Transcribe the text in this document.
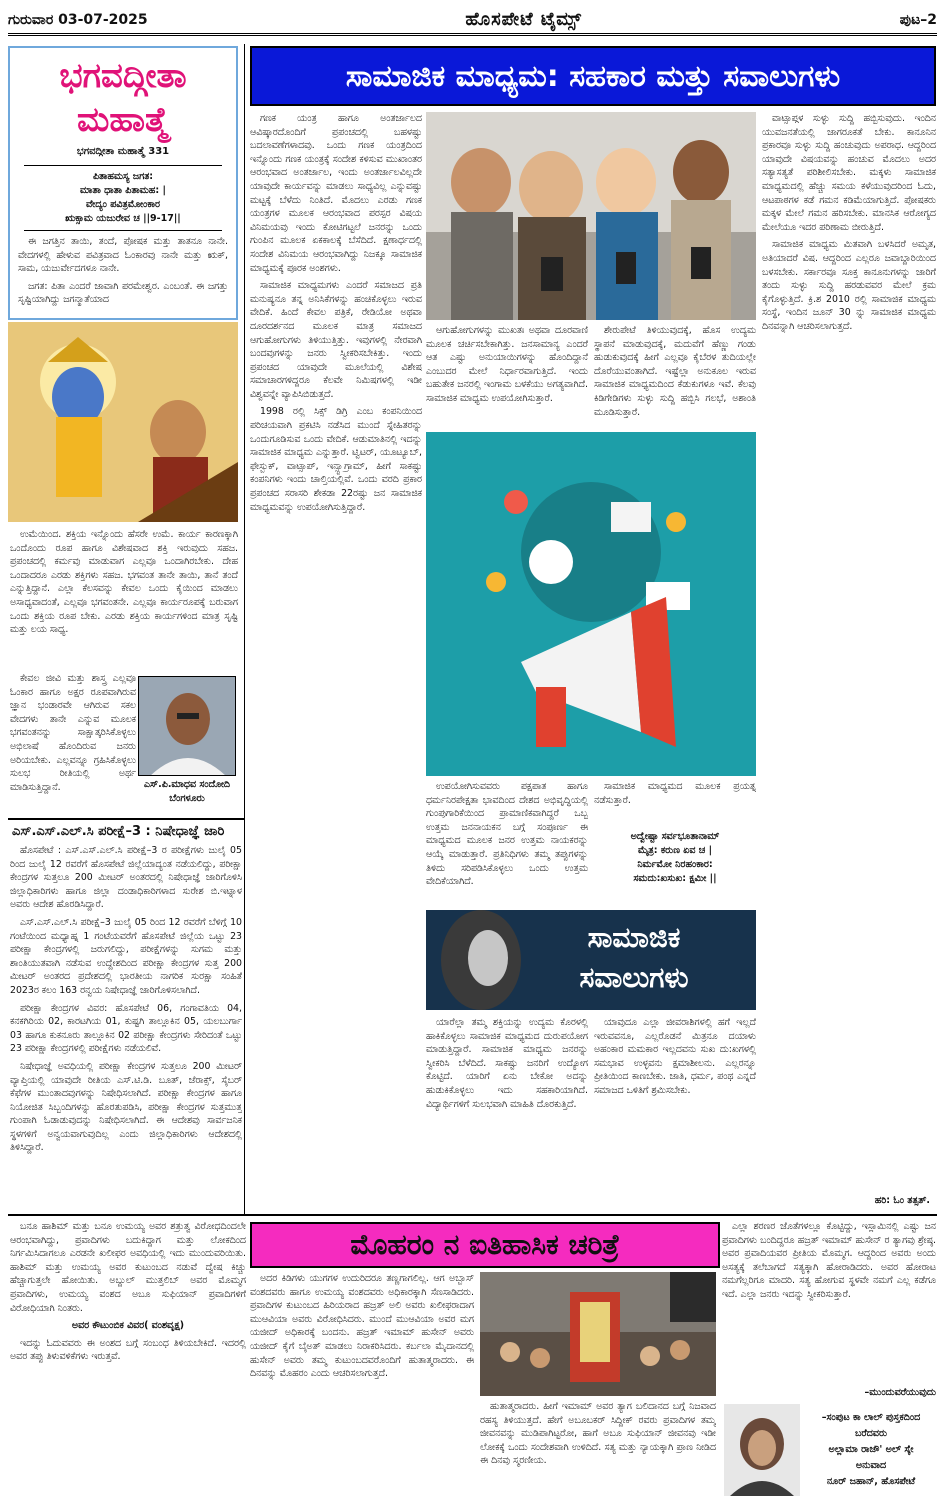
ಗುರುವಾರ 03-07-2025	ಹೊಸಪೇಟೆ ಟೈಮ್ಸ್	ಪುಟ–2
ಭಗವದ್ಗೀತಾ
ಮಹಾತ್ಮೆ
ಭಗವದ್ಗೀತಾ ಮಹಾತ್ಮೆ 331
ಪಿತಾಹಮಸ್ಯ ಜಗತ:
ಮಾತಾ ಧಾತಾ ಪಿತಾಮಹ: |
ವೇದ್ಯಂ ಪವಿತ್ರಮೋಂಕಾರ
ಋಕ್ಸಾಮ ಯಜುರೇವ ಚ ||9-17||

ಈ ಜಗತ್ತಿನ ತಾಯಿ, ತಂದೆ, ಪೋಷಕ ಮತ್ತು ತಾತನೂ ನಾನೇ. ವೇದಗಳಲ್ಲಿ ಹೇಳುವ ಪವಿತ್ರವಾದ ಓಂಕಾರವು ನಾನೇ ಮತ್ತು ಋಕ್, ಸಾಮ, ಯಜುರ್ವೇದಗಳೂ ನಾನೇ.

ಜಗತ: ಪಿತಾ ಎಂದರೆ ಜಾವಾಗಿ ಪರಮೇಶ್ವರ. ಎಂಬಂತೆ. ಈ ಜಗತ್ತು ಸೃಷ್ಟಿಯಾಗಿದ್ದು ಜಗನ್ಮಾತೆಯಾದ

ಉಮೆಯಿಂದ. ಶಕ್ತಿಯ ಇನ್ನೊಂದು ಹೆಸರೇ ಉಮೆ. ಕಾರ್ಯ ಕಾರಣಕ್ಕಾಗಿ ಒಂದೊಂದು ರೂಪ ಹಾಗೂ ವಿಶೇಷವಾದ ಶಕ್ತಿ ಇರುವುದು ಸಹಜ. ಪ್ರಪಂಚದಲ್ಲಿ ಕರ್ಮವು ಮಾಡುವಾಗ ಎಲ್ಲವೂ ಒಂದಾಗಿರಬೇಕು. ದೇಹ ಒಂದಾದರೂ ಎರಡು ಶಕ್ತಿಗಳು ಸಹಜ. ಭಗವಂತ ತಾನೇ ತಾಯಿ, ತಾನೆ ತಂದೆ ಎನ್ನುತ್ತಿದ್ದಾನೆ. ಎಲ್ಲಾ ಕೆಲಸವನ್ನು ಕೇವಲ ಒಂದು ಕೈಯಿಂದ ಮಾಡಲು ಅಸಾಧ್ಯವಾದಂತೆ, ಎಲ್ಲವೂ ಭಗವಂತನೇ. ಎಲ್ಲವೂ ಕಾರ್ಯರೂಪಕ್ಕೆ ಬರುವಾಗ ಒಂದು ಶಕ್ತಿಯ ರೂಪ ಬೇಕು. ಎರಡು ಶಕ್ತಿಯ ಕಾರ್ಯಗಳಿಂದ ಮಾತ್ರ ಸೃಷ್ಟಿ ಮತ್ತು ಲಯ ಸಾಧ್ಯ.

ಕೇವಲ ಜೀವಿ ಮತ್ತು ಶಾಸ್ತ್ರ ಎಲ್ಲವೂ ಓಂಕಾರ ಹಾಗೂ ಅಕ್ಷರ ರೂಪವಾಗಿರುವ ಜ್ಞಾನ ಭಂಡಾರವೇ ಆಗಿರುವ ಸಕಲ ವೇದಗಳು ತಾನೇ ಎನ್ನುವ ಮೂಲಕ ಭಗವಂತನನ್ನು ಸಾಕ್ಷಾತ್ಕರಿಸಿಕೊಳ್ಳಲು ಅಭಿಲಾಷೆ ಹೊಂದಿರುವ ಜನರು ಅರಿಯಬೇಕು. ಎಲ್ಲವನ್ನೂ ಗ್ರಹಿಸಿಕೊಳ್ಳಲು ಸುಲಭ ರೀತಿಯಲ್ಲಿ ಅರ್ಥ ಮಾಡಿಸುತ್ತಿದ್ದಾನೆ.	ಎಸ್.ಪಿ.ಮಾಧವ ಸಂದೋದಿ
ಬೆಂಗಳೂರು
ಎಸ್.ಎಸ್.ಎಲ್.ಸಿ ಪರೀಕ್ಷೆ–3 : ನಿಷೇಧಾಜ್ಞೆ ಜಾರಿ

ಹೊಸಪೇಟೆ : ಎಸ್.ಎಸ್.ಎಲ್.ಸಿ ಪರೀಕ್ಷೆ–3 ರ ಪರೀಕ್ಷೆಗಳು ಜುಲೈ 05 ರಿಂದ ಜುಲೈ 12 ರವರೆಗೆ ಹೊಸಪೇಟೆ ಜಿಲ್ಲೆಯಾದ್ಯಂತ ನಡೆಯಲಿದ್ದು, ಪರೀಕ್ಷಾ ಕೇಂದ್ರಗಳ ಸುತ್ತಲೂ 200 ಮೀಟರ್ ಅಂತರದಲ್ಲಿ ನಿಷೇಧಾಜ್ಞೆ ಜಾರಿಗೊಳಿಸಿ ಜಿಲ್ಲಾಧಿಕಾರಿಗಳು ಹಾಗೂ ಜಿಲ್ಲಾ ದಂಡಾಧಿಕಾರಿಗಳಾದ ಸುರೇಶ ಬಿ.ಇಟ್ನಾಳ ಅವರು ಆದೇಶ ಹೊರಡಿಸಿದ್ದಾರೆ.

ಎಸ್.ಎಸ್.ಎಲ್.ಸಿ ಪರೀಕ್ಷೆ–3 ಜುಲೈ 05 ರಿಂದ 12 ರವರೆಗೆ ಬೆಳಿಗ್ಗೆ 10 ಗಂಟೆಯಿಂದ ಮಧ್ಯಾಹ್ನ 1 ಗಂಟೆಯವರೆಗೆ ಹೊಸಪೇಟೆ ಜಿಲ್ಲೆಯ ಒಟ್ಟು 23 ಪರೀಕ್ಷಾ ಕೇಂದ್ರಗಳಲ್ಲಿ ಜರುಗಲಿದ್ದು, ಪರೀಕ್ಷೆಗಳನ್ನು ಸುಗಮ ಮತ್ತು ಶಾಂತಿಯುತವಾಗಿ ನಡೆಸುವ ಉದ್ದೇಶದಿಂದ ಪರೀಕ್ಷಾ ಕೇಂದ್ರಗಳ ಸುತ್ತ 200 ಮೀಟರ್ ಅಂತರದ ಪ್ರದೇಶದಲ್ಲಿ ಭಾರತೀಯ ನಾಗರಿಕ ಸುರಕ್ಷಾ ಸಂಹಿತೆ 2023ರ ಕಲಂ 163 ರನ್ವಯ ನಿಷೇಧಾಜ್ಞೆ ಜಾರಿಗೊಳಿಸಲಾಗಿದೆ.

ಪರೀಕ್ಷಾ ಕೇಂದ್ರಗಳ ವಿವರ: ಹೊಸಪೇಟೆ 06, ಗಂಗಾವತಿಯ 04, ಕನಕಗಿರಿಯ 02, ಕಾರಟಗಿಯ 01, ಕುಷ್ಟಗಿ ತಾಲ್ಲೂಕಿನ 05, ಯಲಬುರ್ಗಾ 03 ಹಾಗೂ ಕುಕನೂರು ತಾಲ್ಲೂಕಿನ 02 ಪರೀಕ್ಷಾ ಕೇಂದ್ರಗಳು ಸೇರಿದಂತೆ ಒಟ್ಟು 23 ಪರೀಕ್ಷಾ ಕೇಂದ್ರಗಳಲ್ಲಿ ಪರೀಕ್ಷೆಗಳು ನಡೆಯಲಿವೆ.

ನಿಷೇಧಾಜ್ಞೆ ಅವಧಿಯಲ್ಲಿ ಪರೀಕ್ಷಾ ಕೇಂದ್ರಗಳ ಸುತ್ತಲೂ 200 ಮೀಟರ್ ವ್ಯಾಪ್ತಿಯಲ್ಲಿ ಯಾವುದೇ ರೀತಿಯ ಎಸ್.ಟಿ.ಡಿ. ಬೂತ್, ಜೆರಾಕ್ಸ್, ಸೈಬರ್ ಕೆಫೆಗಳ ಮುಂತಾದವುಗಳನ್ನು ನಿಷೇಧಿಸಲಾಗಿದೆ. ಪರೀಕ್ಷಾ ಕೇಂದ್ರಗಳ ಹಾಗೂ ನಿಯೋಜಿತ ಸಿಬ್ಬಂದಿಗಳನ್ನು ಹೊರತುಪಡಿಸಿ, ಪರೀಕ್ಷಾ ಕೇಂದ್ರಗಳ ಸುತ್ತಮುತ್ತ ಗುಂಪಾಗಿ ಓಡಾಡುವುದನ್ನು ನಿಷೇಧಿಸಲಾಗಿದೆ. ಈ ಆದೇಶವು ಸಾರ್ವಜನಿಕ ಸ್ಥಳಗಳಿಗೆ ಅನ್ವಯವಾಗುವುದಿಲ್ಲ ಎಂದು ಜಿಲ್ಲಾಧಿಕಾರಿಗಳು ಆದೇಶದಲ್ಲಿ ತಿಳಿಸಿದ್ದಾರೆ.

ಸಾಮಾಜಿಕ ಮಾಧ್ಯಮ: ಸಹಕಾರ ಮತ್ತು ಸವಾಲುಗಳು

ಗಣಕ ಯಂತ್ರ ಹಾಗೂ ಅಂತರ್ಜಾಲದ ಆವಿಷ್ಕಾರದೊಂದಿಗೆ ಪ್ರಪಂಚದಲ್ಲಿ ಬಹಳಷ್ಟು ಬದಲಾವಣೆಗಳಾದವು. ಒಂದು ಗಣಕ ಯಂತ್ರದಿಂದ ಇನ್ನೊಂದು ಗಣಕ ಯಂತ್ರಕ್ಕೆ ಸಂದೇಶ ಕಳಿಸುವ ಮುಖಾಂತರ ಆರಂಭವಾದ ಅಂತರ್ಜಾಲ, ಇಂದು ಅಂತರ್ಜಾಲವಿಲ್ಲದೇ ಯಾವುದೇ ಕಾರ್ಯವನ್ನು ಮಾಡಲು ಸಾಧ್ಯವಿಲ್ಲ ಎನ್ನುವಷ್ಟು ಮಟ್ಟಕ್ಕೆ ಬೆಳೆದು ನಿಂತಿದೆ. ಮೊದಲು ಎರಡು ಗಣಕ ಯಂತ್ರಗಳ ಮೂಲಕ ಆರಂಭವಾದ ಪರಸ್ಪರ ವಿಷಯ ವಿನಿಮಯವು ಇಂದು ಕೋಟಿಗಟ್ಟಲೆ ಜನರನ್ನು ಒಂದು ಗುಂಪಿನ ಮೂಲಕ ಏಕಕಾಲಕ್ಕೆ ಬೆಸೆದಿದೆ. ಕ್ಷಣಾರ್ಧದಲ್ಲಿ ಸಂದೇಶ ವಿನಿಮಯ ಆರಂಭವಾಗಿದ್ದು ನಿಜಕ್ಕೂ ಸಾಮಾಜಿಕ ಮಾಧ್ಯಮಕ್ಕೆ ಪೂರಕ ಅಂಶಗಳು.

ಸಾಮಾಜಿಕ ಮಾಧ್ಯಮಗಳು ಎಂದರೆ ಸಮಾಜದ ಪ್ರತಿ ಮನುಷ್ಯನೂ ತನ್ನ ಅನಿಸಿಕೆಗಳನ್ನು ಹಂಚಿಕೊಳ್ಳಲು ಇರುವ ವೇದಿಕೆ. ಹಿಂದೆ ಕೇವಲ ಪತ್ರಿಕೆ, ರೇಡಿಯೋ ಅಥವಾ ದೂರದರ್ಶನದ ಮೂಲಕ ಮಾತ್ರ ಸಮಾಜದ ಆಗುಹೋಗುಗಳು ತಿಳಿಯುತ್ತಿತ್ತು. ಇವುಗಳಲ್ಲಿ ನೇರವಾಗಿ ಬಂದವುಗಳನ್ನು ಜನರು ಸ್ವೀಕರಿಸಬೇಕಿತ್ತು. ಇಂದು ಪ್ರಪಂಚದ ಯಾವುದೇ ಮೂಲೆಯಲ್ಲಿ ವಿಶೇಷ ಸಮಾಚಾರಗಳಿದ್ದರೂ ಕೆಲವೇ ನಿಮಿಷಗಳಲ್ಲಿ ಇಡೀ ವಿಶ್ವವನ್ನೇ ವ್ಯಾಪಿಸಿಬಿಡುತ್ತದೆ.

1998 ರಲ್ಲಿ ಸಿಕ್ಸ್ ಡಿಗ್ರಿ ಎಂಬ ಕಂಪನಿಯಿಂದ ಪರಿಚಯವಾಗಿ ಪ್ರಕಟಿಸಿ ನಡೆಸಿದ ಮುಂದೆ ಸ್ನೇಹಿತರನ್ನು ಒಂದುಗೂಡಿಸುವ ಒಂದು ವೇದಿಕೆ. ಆಡುಮಾತಿನಲ್ಲಿ ಇದನ್ನು ಸಾಮಾಜಿಕ ಮಾಧ್ಯಮ ಎನ್ನುತ್ತಾರೆ. ಟ್ವಿಟರ್, ಯೂಟ್ಯೂಬ್, ಫೇಸ್ಬುಕ್, ವಾಟ್ಸಾಪ್, ಇನ್ಸ್ಟಾಗ್ರಾಮ್, ಹೀಗೆ ಸಾಕಷ್ಟು ಕಂಪನಿಗಳು ಇಂದು ಚಾಲ್ತಿಯಲ್ಲಿವೆ. ಒಂದು ವರದಿ ಪ್ರಕಾರ ಪ್ರಪಂಚದ ಸರಾಸರಿ ಶೇಕಡಾ 22ರಷ್ಟು ಜನ ಸಾಮಾಜಿಕ ಮಾಧ್ಯಮವನ್ನು ಉಪಯೋಗಿಸುತ್ತಿದ್ದಾರೆ.

ಆಗುಹೋಗುಗಳನ್ನು ಮುಖತಃ ಅಥವಾ ದೂರವಾಣಿ ಮೂಲಕ ಚರ್ಚಿಸಬೇಕಾಗಿತ್ತು. ಜನಸಾಮಾನ್ಯ ಎಂದರೆ ಆತ ಎಷ್ಟು ಅನುಯಾಯಿಗಳನ್ನು ಹೊಂದಿದ್ದಾನೆ ಎಂಬುದರ ಮೇಲೆ ನಿರ್ಧಾರವಾಗುತ್ತಿದೆ. ಇಂದು ಬಹುತೇಕ ಜನರಲ್ಲಿ ಇಂಗಾಮ ಬಳಕೆಯು ಅಗತ್ಯವಾಗಿದೆ. ಸಾಮಾಜಿಕ ಮಾಧ್ಯಮ ಉಪಯೋಗಿಸುತ್ತಾರೆ.

ಶೇರುಪೇಟೆ ತಿಳಿಯುವುದಕ್ಕೆ, ಹೊಸ ಉದ್ಯಮ ಸ್ಥಾಪನೆ ಮಾಡುವುದಕ್ಕೆ, ಮದುವೆಗೆ ಹೆಣ್ಣು ಗಂಡು ಹುಡುಕುವುದಕ್ಕೆ ಹೀಗೆ ಎಲ್ಲವೂ ಕೈಬೆರಳ ತುದಿಯಲ್ಲೇ ದೊರೆಯುವಂತಾಗಿದೆ. ಇಷ್ಟೆಲ್ಲಾ ಅನುಕೂಲ ಇರುವ ಸಾಮಾಜಿಕ ಮಾಧ್ಯಮದಿಂದ ಕೆಡುಕುಗಳೂ ಇವೆ. ಕೆಲವು ಕಿಡಿಗೇಡಿಗಳು ಸುಳ್ಳು ಸುದ್ದಿ ಹಬ್ಬಿಸಿ ಗಲಭೆ, ಅಶಾಂತಿ ಮೂಡಿಸುತ್ತಾರೆ.

ಉಪಯೋಗಿಸುವವರು ಪಕ್ಷಪಾತ ಹಾಗೂ ಧರ್ಮನಿರಪೇಕ್ಷತಾ ಭಾವದಿಂದ ದೇಶದ ಅಭಿವೃದ್ಧಿಯಲ್ಲಿ ಗುಂಪುಗಾರಿಕೆಯಿಂದ ಪ್ರಾಮಾಣಿಕವಾಗಿದ್ದರೆ ಒಬ್ಬ ಉತ್ತಮ ಜನನಾಯಕನ ಬಗ್ಗೆ ಸಂಪೂರ್ಣ ಈ ಮಾಧ್ಯಮದ ಮೂಲಕ ಜನರ ಉತ್ತಮ ನಾಯಕರನ್ನು ಆಯ್ಕೆ ಮಾಡುತ್ತಾರೆ. ಪ್ರತಿನಿಧಿಗಳು ತಮ್ಮ ತಪ್ಪುಗಳನ್ನು ತಿಳಿದು ಸರಿಪಡಿಸಿಕೊಳ್ಳಲು ಒಂದು ಉತ್ತಮ ವೇದಿಕೆಯಾಗಿದೆ.

ಸಾಮಾಜಿಕ ಮಾಧ್ಯಮದ ಮೂಲಕ ಪ್ರಯತ್ನ ನಡೆಸುತ್ತಾರೆ.

ಅದ್ವೇಷ್ಟಾ ಸರ್ವಭೂತಾನಾಮ್
ಮೈತ್ರ: ಕರುಣ ಏವ ಚ |
ನಿರ್ಮಮೋ ನಿರಹಂಕಾರ:
ಸಮದು:ಖಸುಖ: ಕ್ಷಮೀ ||
ಸಾಮಾಜಿಕ
ಸವಾಲುಗಳು

ಯಾರೆಲ್ಲಾ ತಮ್ಮ ಶಕ್ತಿಯನ್ನು ಉದ್ಯಮ ಕೊರಳಲ್ಲಿ ಹಾಕಿಕೊಳ್ಳಲು ಸಾಮಾಜಿಕ ಮಾಧ್ಯಮದ ದುರುಪಯೋಗ ಮಾಡುತ್ತಿದ್ದಾರೆ. ಸಾಮಾಜಿಕ ಮಾಧ್ಯಮ ಜನರನ್ನು ಸ್ವೀಕರಿಸಿ ಬೆಳೆದಿದೆ. ಸಾಕಷ್ಟು ಜನರಿಗೆ ಉದ್ಯೋಗ ಕೊಟ್ಟಿದೆ. ಯಾರಿಗೆ ಏನು ಬೇಕೋ ಅದನ್ನು ಹುಡುಕಿಕೊಳ್ಳಲು ಇದು ಸಹಕಾರಿಯಾಗಿದೆ. ವಿದ್ಯಾರ್ಥಿಗಳಿಗೆ ಸುಲಭವಾಗಿ ಮಾಹಿತಿ ದೊರಕುತ್ತಿದೆ.

ಯಾವುದೂ ಎಲ್ಲಾ ಜೀವರಾಶಿಗಳಲ್ಲಿ ಹಗೆ ಇಲ್ಲದೆ ಇರುವವನೂ, ಎಲ್ಲರೊಡನೆ ಮಿತ್ರನೂ ದಯಾಳು ಅಹಂಕಾರ ಮಮಕಾರ ಇಲ್ಲದವನು ಸುಖ ದು:ಖಗಳಲ್ಲಿ ಸಮಭಾವ ಉಳ್ಳವನು ಕ್ಷಮಾಶೀಲನು. ಎಲ್ಲರನ್ನೂ ಪ್ರೀತಿಯಿಂದ ಕಾಣಬೇಕು. ಜಾತಿ, ಧರ್ಮ, ಪಂಥ ಎನ್ನದೆ ಸಮಾಜದ ಒಳಿತಿಗೆ ಶ್ರಮಿಸಬೇಕು.

ಹರಿ: ಓಂ ತತ್ಸತ್.

ವಾಟ್ಸಾಪ್ಗಳ ಸುಳ್ಳು ಸುದ್ದಿ ಹಬ್ಬಿಸುವುದು. ಇಂದಿನ ಯುವಜನತೆಯಲ್ಲಿ ಜಾಗರೂಕತೆ ಬೇಕು. ಕಾನೂನಿನ ಪ್ರಕಾರವೂ ಸುಳ್ಳು ಸುದ್ದಿ ಹಂಚುವುದು ಅಪರಾಧ. ಆದ್ದರಿಂದ ಯಾವುದೇ ವಿಷಯವನ್ನು ಹಂಚುವ ಮೊದಲು ಅದರ ಸತ್ಯಾಸತ್ಯತೆ ಪರಿಶೀಲಿಸಬೇಕು. ಮಕ್ಕಳು ಸಾಮಾಜಿಕ ಮಾಧ್ಯಮದಲ್ಲಿ ಹೆಚ್ಚು ಸಮಯ ಕಳೆಯುವುದರಿಂದ ಓದು, ಆಟಪಾಠಗಳ ಕಡೆ ಗಮನ ಕಡಿಮೆಯಾಗುತ್ತಿದೆ. ಪೋಷಕರು ಮಕ್ಕಳ ಮೇಲೆ ಗಮನ ಹರಿಸಬೇಕು. ಮಾನಸಿಕ ಆರೋಗ್ಯದ ಮೇಲೆಯೂ ಇದರ ಪರಿಣಾಮ ಬೀರುತ್ತಿದೆ.

ಸಾಮಾಜಿಕ ಮಾಧ್ಯಮ ಮಿತವಾಗಿ ಬಳಸಿದರೆ ಅಮೃತ, ಅತಿಯಾದರೆ ವಿಷ. ಆದ್ದರಿಂದ ಎಲ್ಲರೂ ಜವಾಬ್ದಾರಿಯಿಂದ ಬಳಸಬೇಕು. ಸರ್ಕಾರವೂ ಸೂಕ್ತ ಕಾನೂನುಗಳನ್ನು ಜಾರಿಗೆ ತಂದು ಸುಳ್ಳು ಸುದ್ದಿ ಹರಡುವವರ ಮೇಲೆ ಕ್ರಮ ಕೈಗೊಳ್ಳುತ್ತಿದೆ. ಕ್ರಿ.ಶ 2010 ರಲ್ಲಿ ಸಾಮಾಜಿಕ ಮಾಧ್ಯಮ ಸಂಸ್ಥೆ, ಇಂದಿನ ಜೂನ್ 30 ನ್ನು ಸಾಮಾಜಿಕ ಮಾಧ್ಯಮ ದಿನವನ್ನಾಗಿ ಆಚರಿಸಲಾಗುತ್ತದೆ.

ಬನೂ ಹಾಶಿಮ್ ಮತ್ತು ಬನೂ ಉಮಯ್ಯ ಅವರ ಶತ್ರುತ್ವ ವಿರೋಧದಿಂದಲೇ ಆರಂಭವಾಗಿದ್ದು, ಪ್ರವಾದಿಗಳು ಬದುಕಿದ್ದಾಗ ಮತ್ತು ಲೋಕದಿಂದ ನಿರ್ಗಮಿಸಿದಾಗಲೂ ಎರಡನೇ ಖಲೀಫರ ಅವಧಿಯಲ್ಲಿ ಇದು ಮುಂದುವರಿಯಿತು. ಹಾಶಿಮ್ ಮತ್ತು ಉಮಯ್ಯ ಅವರ ಕುಟುಂಬದ ನಡುವೆ ದ್ವೇಷ ಕಿಚ್ಚು ಹೆಚ್ಚಾಗುತ್ತಲೇ ಹೋಯಿತು. ಅಬ್ದುಲ್ ಮುತ್ತಲಿಬ್ ಅವರ ಮೊಮ್ಮಗ ಪ್ರವಾದಿಗಳು, ಉಮಯ್ಯ ವಂಶದ ಅಬೂ ಸುಫಿಯಾನ್ ಪ್ರವಾದಿಗಳಿಗೆ ವಿರೋಧಿಯಾಗಿ ನಿಂತರು.

ಅವರ ಕೌಟುಂಬಿಕ ವಿವರ( ವಂಶವೃಕ್ಷ)

ಇದನ್ನು ಓದುವವರು ಈ ಅಂಶದ ಬಗ್ಗೆ ಸಂಬಂಧ ತಿಳಿಯಬೇಕಿದೆ. ಇದರಲ್ಲಿ ಅವರ ತಪ್ಪು ತಿಳುವಳಿಕೆಗಳು ಇರುತ್ತವೆ.

ಮೊಹರಂ ನ ಐತಿಹಾಸಿಕ ಚರಿತ್ರೆ

ಅದರ ಕಿಡಿಗಳು ಯುಗಗಳ ಉದುರಿದರೂ ತಣ್ಣಗಾಗಲಿಲ್ಲ. ಆಗ ಅಬ್ಬಾಸ್ ವಂಶದವರು ಹಾಗೂ ಉಮಯ್ಯ ವಂಶದವರು ಅಧಿಕಾರಕ್ಕಾಗಿ ಸೆಣಸಾಡಿದರು. ಪ್ರವಾದಿಗಳ ಕುಟುಂಬದ ಹಿರಿಯರಾದ ಹಜ್ರತ್ ಅಲಿ ಅವರು ಖಲೀಫರಾದಾಗ ಮುಆವಿಯಾ ಅವರು ವಿರೋಧಿಸಿದರು. ಮುಂದೆ ಮುಆವಿಯಾ ಅವರ ಮಗ ಯಜೀದ್ ಅಧಿಕಾರಕ್ಕೆ ಬಂದನು. ಹಜ್ರತ್ ಇಮಾಮ್ ಹುಸೇನ್ ಅವರು ಯಜೀದ್ ಕೈಗೆ ಬೈಅತ್ ಮಾಡಲು ನಿರಾಕರಿಸಿದರು. ಕರ್ಬಲಾ ಮೈದಾನದಲ್ಲಿ ಹುಸೇನ್ ಅವರು ತಮ್ಮ ಕುಟುಂಬದವರೊಂದಿಗೆ ಹುತಾತ್ಮರಾದರು. ಈ ದಿನವನ್ನು ಮೊಹರಂ ಎಂದು ಆಚರಿಸಲಾಗುತ್ತದೆ.

ಹುತಾತ್ಮರಾದರು. ಹೀಗೆ ಇಮಾಮ್ ಅವರ ತ್ಯಾಗ ಬಲಿದಾನದ ಬಗ್ಗೆ ನಿಜವಾದ ರಹಸ್ಯ ತಿಳಿಯುತ್ತದೆ. ಹೇಗೆ ಅಬೂಬಕರ್ ಸಿದ್ದೀಕ್ ರವರು ಪ್ರವಾದಿಗಳ ತಮ್ಮ ಜೀವನವನ್ನು ಮುಡಿಪಾಗಿಟ್ಟರೋ, ಹಾಗೆ ಅಬೂ ಸುಫಿಯಾನ್ ಜೀವನವು ಇಡೀ ಲೋಕಕ್ಕೆ ಒಂದು ಸಂದೇಶವಾಗಿ ಉಳಿದಿದೆ. ಸತ್ಯ ಮತ್ತು ನ್ಯಾಯಕ್ಕಾಗಿ ಪ್ರಾಣ ನೀಡಿದ ಈ ದಿನವು ಸ್ಮರಣೀಯ.

ಎಲ್ಲಾ ಶರಣರ ಜೊತೆಗಳಲ್ಲೂ ಕೊಟ್ಟಿದ್ದು, ಇಸ್ಲಾಮಿನಲ್ಲಿ ಎಷ್ಟು ಜನ ಪ್ರವಾದಿಗಳು ಬಂದಿದ್ದರೂ ಹಜ್ರತ್ ಇಮಾಮ್ ಹುಸೇನ್ ರ ತ್ಯಾಗವು ಶ್ರೇಷ್ಠ. ಅವರ ಪ್ರವಾದಿಯವರ ಪ್ರೀತಿಯ ಮೊಮ್ಮಗ. ಆದ್ದರಿಂದ ಅವರು ಅಂದು ಅಸತ್ಯಕ್ಕೆ ತಲೆಬಾಗದೆ ಸತ್ಯಕ್ಕಾಗಿ ಹೋರಾಡಿದರು. ಅವರ ಹೋರಾಟ ನಮಗೆಲ್ಲರಿಗೂ ಮಾದರಿ. ಸತ್ಯ ಹೋಗುವ ಸ್ಥಳವೇ ನಮಗೆ ಎಲ್ಲ ಕಡೆಗೂ ಇದೆ. ಎಲ್ಲಾ ಜನರು ಇದನ್ನು ಸ್ವೀಕರಿಸುತ್ತಾರೆ.

–ಮುಂದುವರೆಯುವುದು
–ಸಂಪುಟ ಕಾ ಲಾಲ್ ಪುಸ್ತಕದಿಂದ
ಬರೆದವರು
ಅಲ್ಲಾಮಾ ರಾಜೌ' ಅಲ್ ಸ್ಕೇ
ಅನುವಾದ
ನೂರ್ ಜಹಾನ್, ಹೊಸಪೇಟೆ
